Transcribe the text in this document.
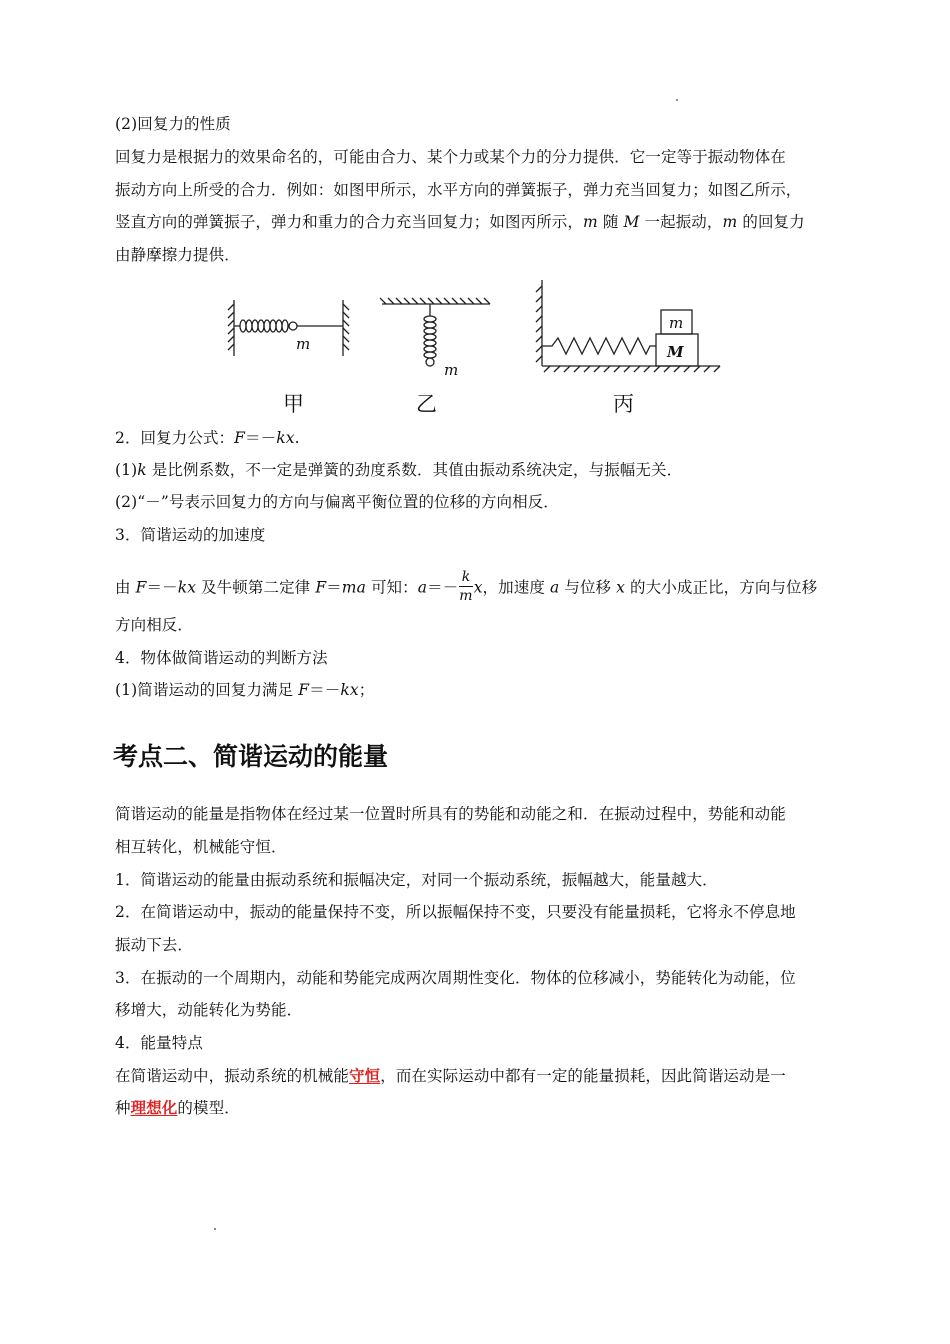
(2)回复力的性质
回复力是根据力的效果命名的，可能由合力、某个力或某个力的分力提供．它一定等于振动物体在
振动方向上所受的合力．例如：如图甲所示，水平方向的弹簧振子，弹力充当回复力；如图乙所示，
竖直方向的弹簧振子，弹力和重力的合力充当回复力；如图丙所示，m 随 M 一起振动，m 的回复力
由静摩擦力提供．
m
m
m
M
甲	乙	丙
2．回复力公式：F＝－kx.
(1)k 是比例系数，不一定是弹簧的劲度系数．其值由振动系统决定，与振幅无关．
(2)“－”号表示回复力的方向与偏离平衡位置的位移的方向相反．
3．简谐运动的加速度
由 F＝－kx 及牛顿第二定律 F＝ma 可知：$a=- \frac{k}{m}$ x，加速度 a 与位移 x 的大小成正比，方向与位移
方向相反．
4．物体做简谐运动的判断方法
(1)简谐运动的回复力满足 F＝－kx；
考点二、简谐运动的能量
简谐运动的能量是指物体在经过某一位置时所具有的势能和动能之和．在振动过程中，势能和动能
相互转化，机械能守恒．
1．简谐运动的能量由振动系统和振幅决定，对同一个振动系统，振幅越大，能量越大．
2．在简谐运动中，振动的能量保持不变，所以振幅保持不变，只要没有能量损耗，它将永不停息地
振动下去．
3．在振动的一个周期内，动能和势能完成两次周期性变化．物体的位移减小，势能转化为动能，位
移增大，动能转化为势能．
4．能量特点
在简谐运动中，振动系统的机械能守恒，而在实际运动中都有一定的能量损耗，因此简谐运动是一
种理想化的模型．
